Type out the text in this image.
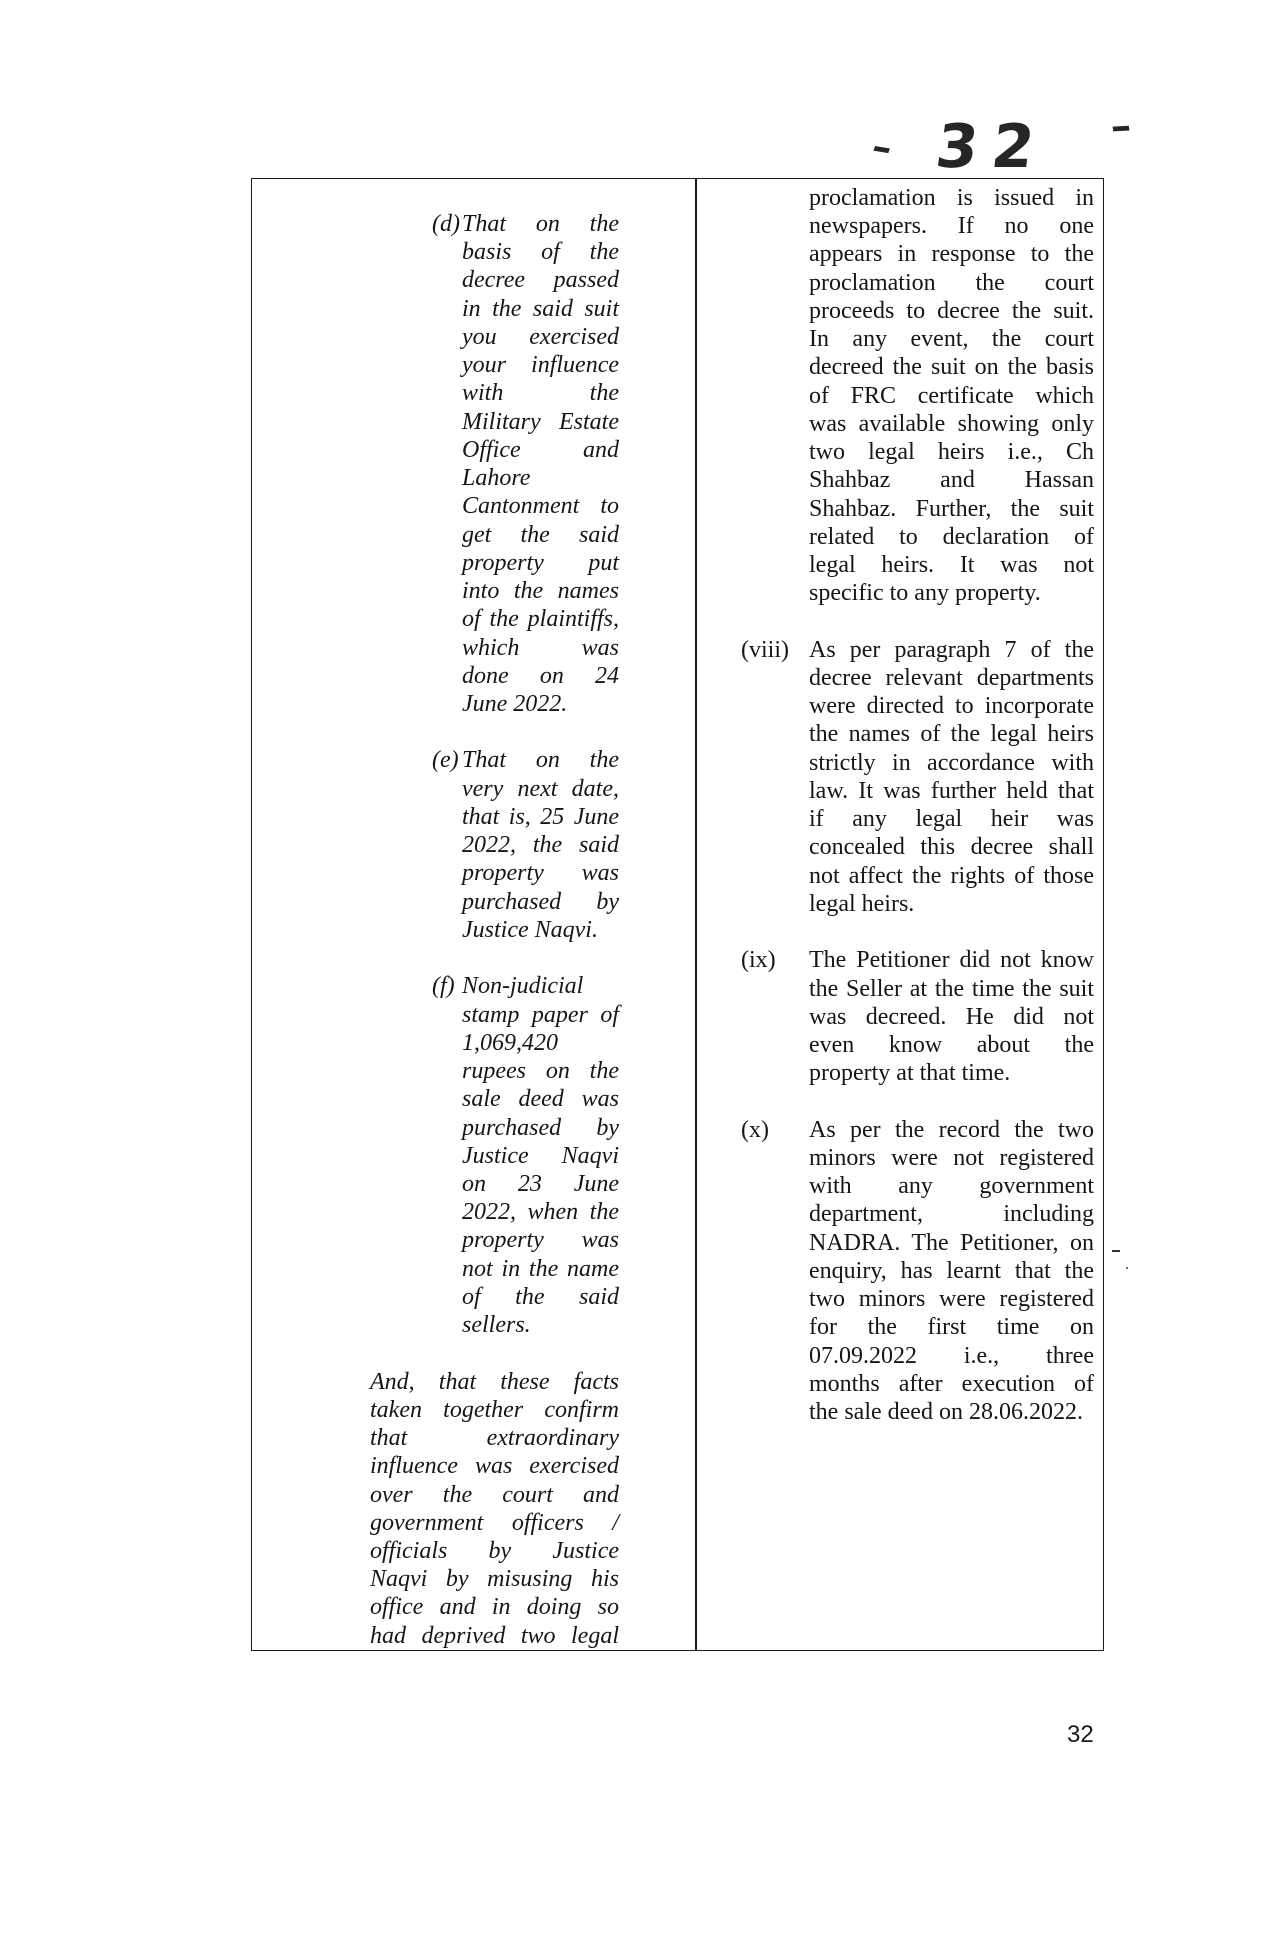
- 32 -
(d) That on the
basis of the
decree passed
in the said suit
you exercised
your influence
with the
Military Estate
Office and
Lahore
Cantonment to
get the said
property put
into the names
of the plaintiffs,
which was
done on 24
June 2022.
(e) That on the
very next date,
that is, 25 June
2022, the said
property was
purchased by
Justice Naqvi.
(f) Non-judicial
stamp paper of
1,069,420
rupees on the
sale deed was
purchased by
Justice Naqvi
on 23 June
2022, when the
property was
not in the name
of the said
sellers.
And, that these facts
taken together confirm
that extraordinary
influence was exercised
over the court and
government officers /
officials by Justice
Naqvi by misusing his
office and in doing so
had deprived two legal
proclamation is issued in
newspapers. If no one
appears in response to the
proclamation the court
proceeds to decree the suit.
In any event, the court
decreed the suit on the basis
of FRC certificate which
was available showing only
two legal heirs i.e., Ch
Shahbaz and Hassan
Shahbaz. Further, the suit
related to declaration of
legal heirs. It was not
specific to any property.
(viii) As per paragraph 7 of the
decree relevant departments
were directed to incorporate
the names of the legal heirs
strictly in accordance with
law. It was further held that
if any legal heir was
concealed this decree shall
not affect the rights of those
legal heirs.
(ix) The Petitioner did not know
the Seller at the time the suit
was decreed. He did not
even know about the
property at that time.
(x) As per the record the two
minors were not registered
with any government
department, including
NADRA. The Petitioner, on
enquiry, has learnt that the
two minors were registered
for the first time on
07.09.2022 i.e., three
months after execution of
the sale deed on 28.06.2022.
32
